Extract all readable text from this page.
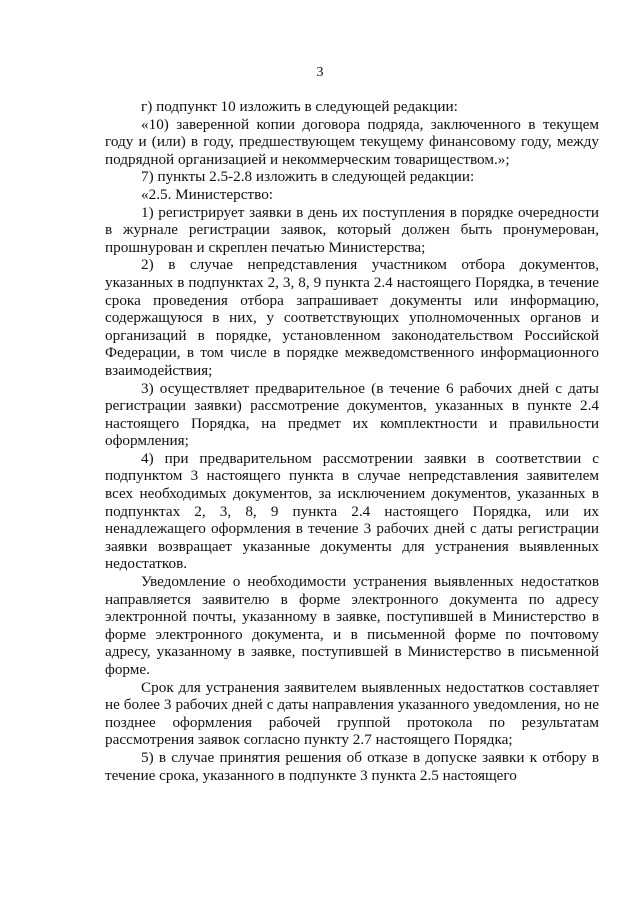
3

г) подпункт 10 изложить в следующей редакции:

«10) заверенной копии договора подряда, заключенного в текущем году и (или) в году, предшествующем текущему финансовому году, между подрядной организацией и некоммерческим товариществом.»;

7) пункты 2.5-2.8 изложить в следующей редакции:

«2.5. Министерство:

1) регистрирует заявки в день их поступления в порядке очередности в журнале регистрации заявок, который должен быть пронумерован, прошнурован и скреплен печатью Министерства;

2) в случае непредставления участником отбора документов, указанных в подпунктах 2, 3, 8, 9 пункта 2.4 настоящего Порядка, в течение срока проведения отбора запрашивает документы или информацию, содержащуюся в них, у соответствующих уполномоченных органов и организаций в порядке, установленном законодательством Российской Федерации, в том числе в порядке межведомственного информационного взаимодействия;

3) осуществляет предварительное (в течение 6 рабочих дней с даты регистрации заявки) рассмотрение документов, указанных в пункте 2.4 настоящего Порядка, на предмет их комплектности и правильности оформления;

4) при предварительном рассмотрении заявки в соответствии с подпунктом 3 настоящего пункта в случае непредставления заявителем всех необходимых документов, за исключением документов, указанных в подпунктах 2, 3, 8, 9 пункта 2.4 настоящего Порядка, или их ненадлежащего оформления в течение 3 рабочих дней с даты регистрации заявки возвращает указанные документы для устранения выявленных недостатков.

Уведомление о необходимости устранения выявленных недостатков направляется заявителю в форме электронного документа по адресу электронной почты, указанному в заявке, поступившей в Министерство в форме электронного документа, и в письменной форме по почтовому адресу, указанному в заявке, поступившей в Министерство в письменной форме.

Срок для устранения заявителем выявленных недостатков составляет не более 3 рабочих дней с даты направления указанного уведомления, но не позднее оформления рабочей группой протокола по результатам рассмотрения заявок согласно пункту 2.7 настоящего Порядка;

5) в случае принятия решения об отказе в допуске заявки к отбору в течение срока, указанного в подпункте 3 пункта 2.5 настоящего
